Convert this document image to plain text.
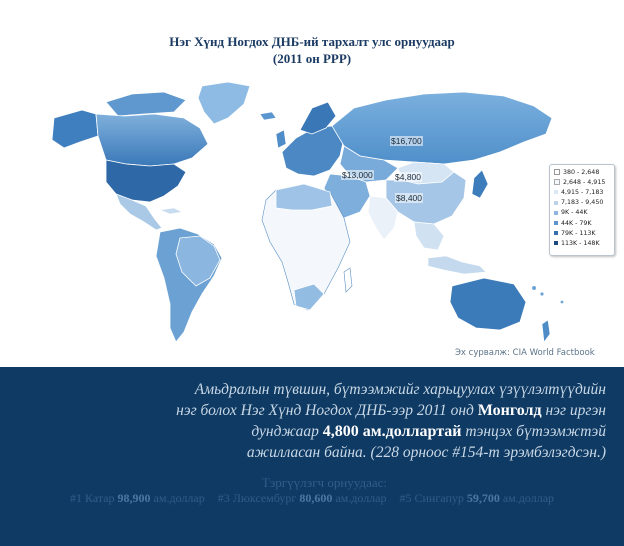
Нэг Хүнд Ногдох ДНБ-ий тархалт улс орнуудаар
(2011 он PPP)
$16,700
$13,000	$4,800
$8,400
380 - 2,648
2,648 - 4,915
4,915 - 7,183
7,183 - 9,450
9K - 44K
44K - 79K
79K - 113K
113K - 148K
Эх сурвалж: CIA World Factbook
Амьдралын түвшин, бүтээмжийг харьцуулах үзүүлэлтүүдийн
нэг болох Нэг Хүнд Ногдох ДНБ-ээр 2011 онд Монголд нэг иргэн
дунджаар 4,800 ам.доллартай тэнцэх бүтээмжтэй
ажилласан байна. (228 орноос #154-т эрэмбэлэгдсэн.)
Тэргүүлэгч орнуудаас:
#1 Катар 98,900 ам.доллар #3 Люксембург 80,600 ам.доллар #5 Сингапур 59,700 ам.доллар
